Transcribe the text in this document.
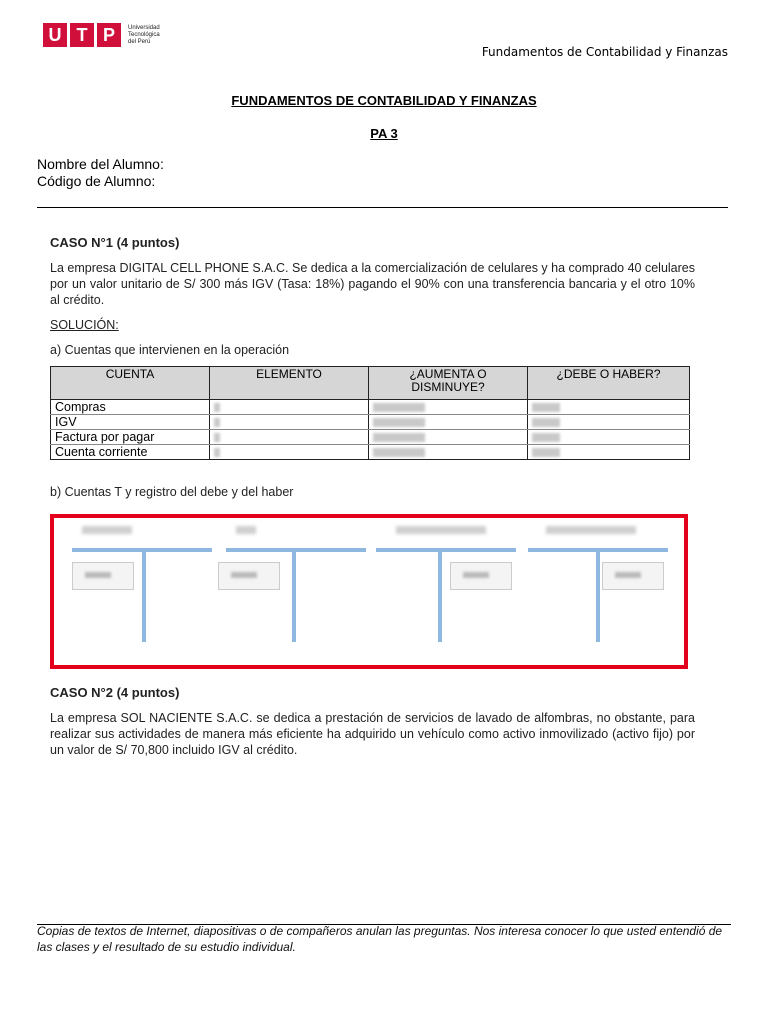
U T P	Universidad
Tecnológica
del Perú
Fundamentos de Contabilidad y Finanzas
FUNDAMENTOS DE CONTABILIDAD Y FINANZAS
PA 3
Nombre del Alumno:
Código de Alumno:
CASO N°1 (4 puntos)
La empresa DIGITAL CELL PHONE S.A.C. Se dedica a la comercialización de celulares y ha comprado 40 celulares por un valor unitario de S/ 300 más IGV (Tasa: 18%) pagando el 90% con una transferencia bancaria y el otro 10% al crédito.
SOLUCIÓN:
a) Cuentas que intervienen en la operación
CUENTA	ELEMENTO	¿AUMENTA O DISMINUYE?	¿DEBE O HABER?
Compras			
IGV			
Factura por pagar			
Cuenta corriente			
b) Cuentas T y registro del debe y del haber
CASO N°2 (4 puntos)
La empresa SOL NACIENTE S.A.C. se dedica a prestación de servicios de lavado de alfombras, no obstante, para realizar sus actividades de manera más eficiente ha adquirido un vehículo como activo inmovilizado (activo fijo) por un valor de S/ 70,800 incluido IGV al crédito.
Copias de textos de Internet, diapositivas o de compañeros anulan las preguntas. Nos interesa conocer lo que usted entendió de las clases y el resultado de su estudio individual.
